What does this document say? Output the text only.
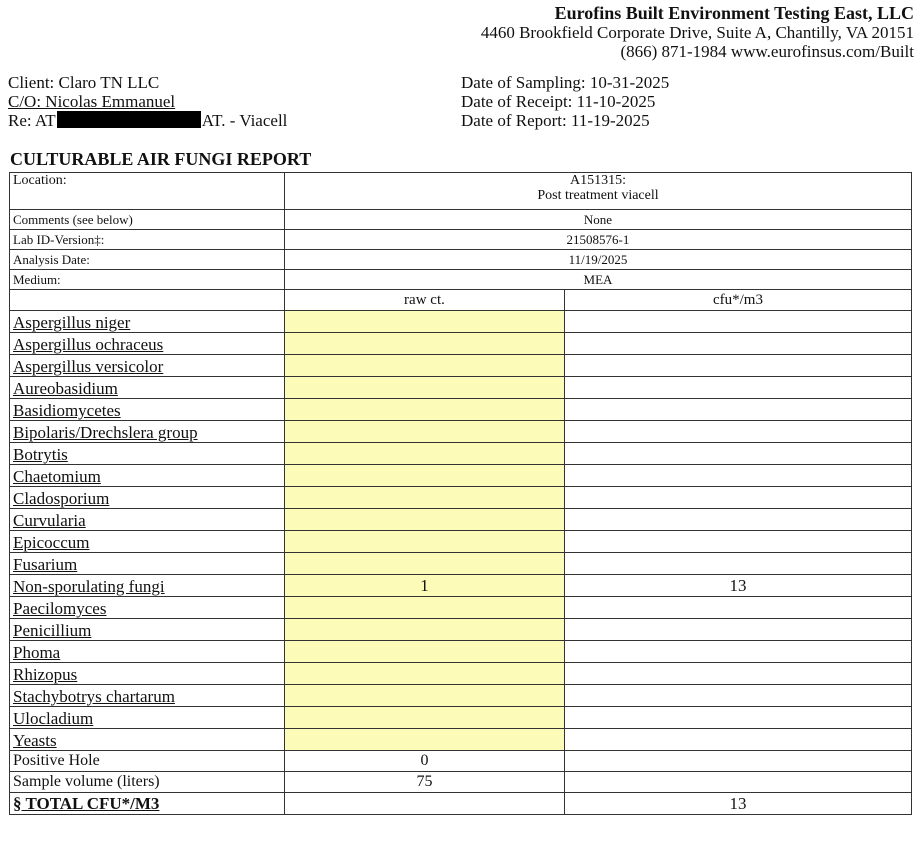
Eurofins Built Environment Testing East, LLC
4460 Brookfield Corporate Drive, Suite A, Chantilly, VA 20151
(866) 871-1984 www.eurofinsus.com/Built
Client: Claro TN LLC
C/O: Nicolas Emmanuel
Re: AT	AT. - Viacell
Date of Sampling: 10-31-2025
Date of Receipt: 11-10-2025
Date of Report: 11-19-2025
CULTURABLE AIR FUNGI REPORT
Location:	A151315:
Post treatment viacell	

Comments (see below)	None	
Lab ID-Version‡:	21508576-1	
Analysis Date:	11/19/2025	
Medium:	MEA	
	raw ct.	cfu*/m3
Aspergillus niger		
Aspergillus ochraceus		
Aspergillus versicolor		
Aureobasidium		
Basidiomycetes		
Bipolaris/Drechslera group		
Botrytis		
Chaetomium		
Cladosporium		
Curvularia		
Epicoccum		
Fusarium		
Non-sporulating fungi	1	13
Paecilomyces		
Penicillium		
Phoma		
Rhizopus		
Stachybotrys chartarum		
Ulocladium		
Yeasts		
Positive Hole	0	
Sample volume (liters)	75	
§ TOTAL CFU*/M3		13
